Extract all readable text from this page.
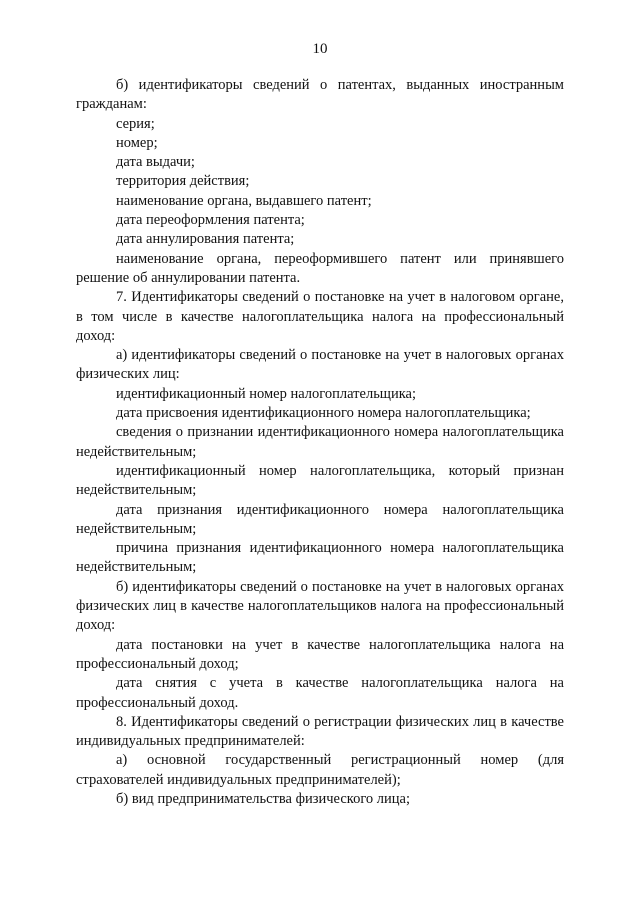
10

б) идентификаторы сведений о патентах, выданных иностранным гражданам:

серия;

номер;

дата выдачи;

территория действия;

наименование органа, выдавшего патент;

дата переоформления патента;

дата аннулирования патента;

наименование органа, переоформившего патент или принявшего решение об аннулировании патента.

7. Идентификаторы сведений о постановке на учет в налоговом органе, в том числе в качестве налогоплательщика налога на профессиональный доход:

а) идентификаторы сведений о постановке на учет в налоговых органах физических лиц:

идентификационный номер налогоплательщика;

дата присвоения идентификационного номера налогоплательщика;

сведения о признании идентификационного номера налогоплательщика недействительным;

идентификационный номер налогоплательщика, который признан недействительным;

дата признания идентификационного номера налогоплательщика недействительным;

причина признания идентификационного номера налогоплательщика недействительным;

б) идентификаторы сведений о постановке на учет в налоговых органах физических лиц в качестве налогоплательщиков налога на профессиональный доход:

дата постановки на учет в качестве налогоплательщика налога на профессиональный доход;

дата снятия с учета в качестве налогоплательщика налога на профессиональный доход.

8. Идентификаторы сведений о регистрации физических лиц в качестве индивидуальных предпринимателей:

а) основной государственный регистрационный номер (для страхователей индивидуальных предпринимателей);

б) вид предпринимательства физического лица;
